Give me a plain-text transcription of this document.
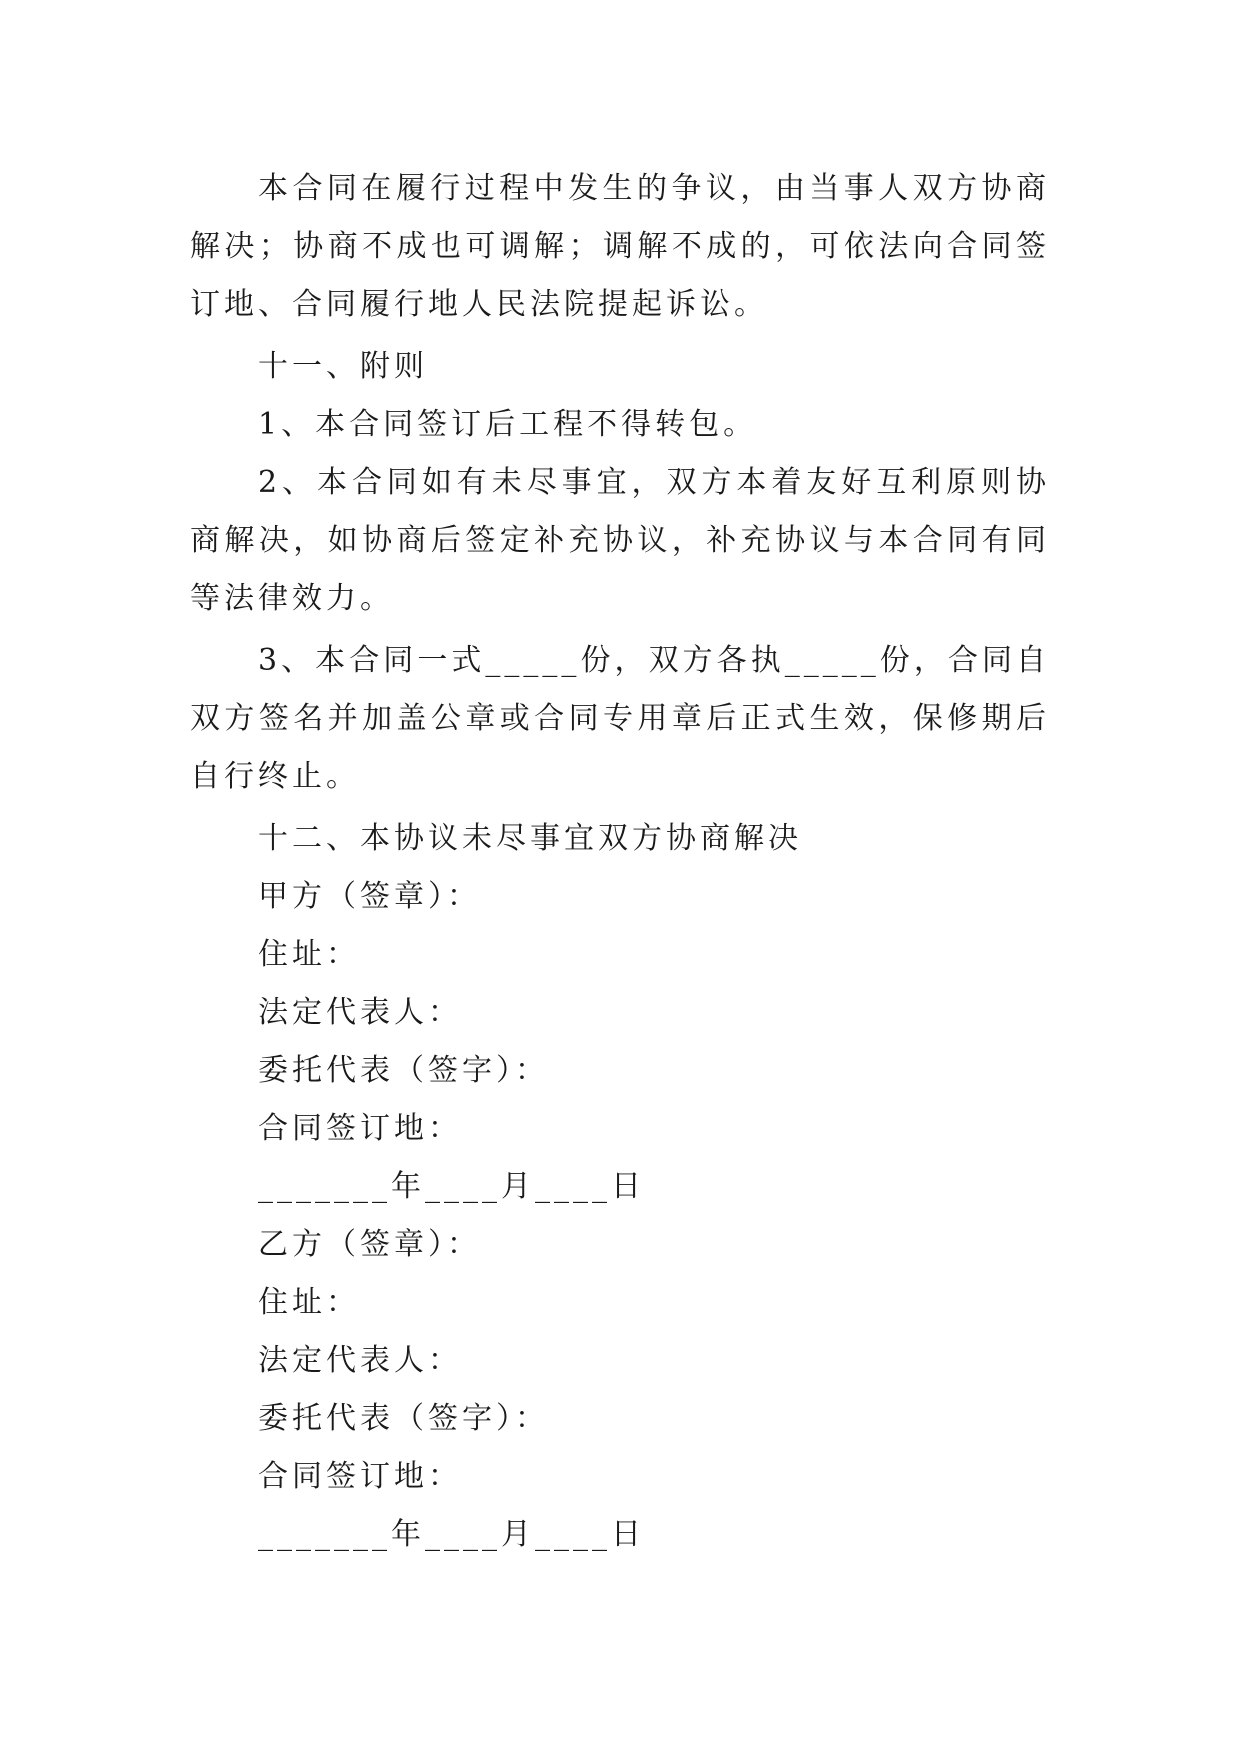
本合同在履行过程中发生的争议，由当事人双方协商解决；协商不成也可调解；调解不成的，可依法向合同签订地、合同履行地人民法院提起诉讼。

十一、附则

1、本合同签订后工程不得转包。

2、本合同如有未尽事宜，双方本着友好互利原则协商解决，如协商后签定补充协议，补充协议与本合同有同等法律效力。

3、本合同一式_____份，双方各执_____份，合同自双方签名并加盖公章或合同专用章后正式生效，保修期后自行终止。

十二、本协议未尽事宜双方协商解决

甲方（签章）：

住址：

法定代表人：

委托代表（签字）：

合同签订地：

_______年____月____日

乙方（签章）：

住址：

法定代表人：

委托代表（签字）：

合同签订地：

_______年____月____日
